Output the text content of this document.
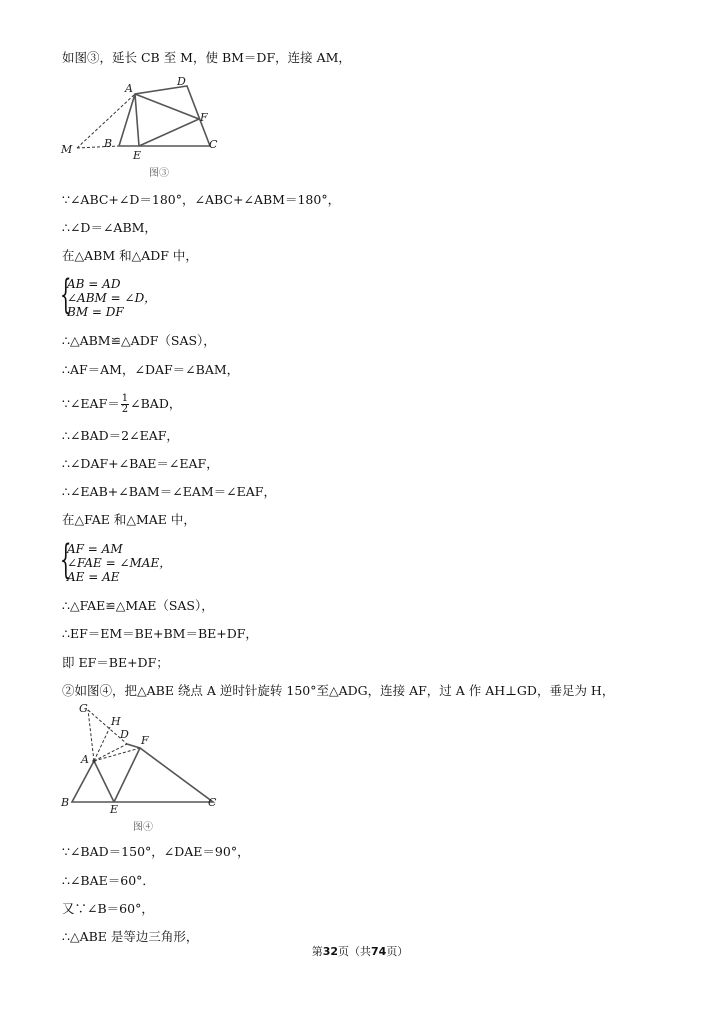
如图③，延长 CB 至 M，使 BM＝DF，连接 AM，
A
D
F
B	C
E
M
图③
∵∠ABC+∠D＝180°，∠ABC+∠ABM＝180°，
∴∠D＝∠ABM，
在△ABM 和△ADF 中，
{
AB = AD
∠ABM = ∠D，
BM = DF
∴△ABM≌△ADF（SAS），
∴AF＝AM，∠DAF＝∠BAM，
∵∠EAF＝ $\frac{1}{2}$ ∠BAD，
∴∠BAD＝2∠EAF，
∴∠DAF+∠BAE＝∠EAF，
∴∠EAB+∠BAM＝∠EAM＝∠EAF，
在△FAE 和△MAE 中，
{
AF = AM
∠FAE = ∠MAE，
AE = AE
∴△FAE≌△MAE（SAS），
∴EF＝EM＝BE+BM＝BE+DF，
即 EF＝BE+DF；
②如图④，把△ABE 绕点 A 逆时针旋转 150°至△ADG，连接 AF，过 A 作 AH⊥GD，垂足为 H，
G
H
D F
A
B
E
C
图④
∵∠BAD＝150°，∠DAE＝90°，
∴∠BAE＝60°．
又∵∠B＝60°，
∴△ABE 是等边三角形，
第32页（共74页）
